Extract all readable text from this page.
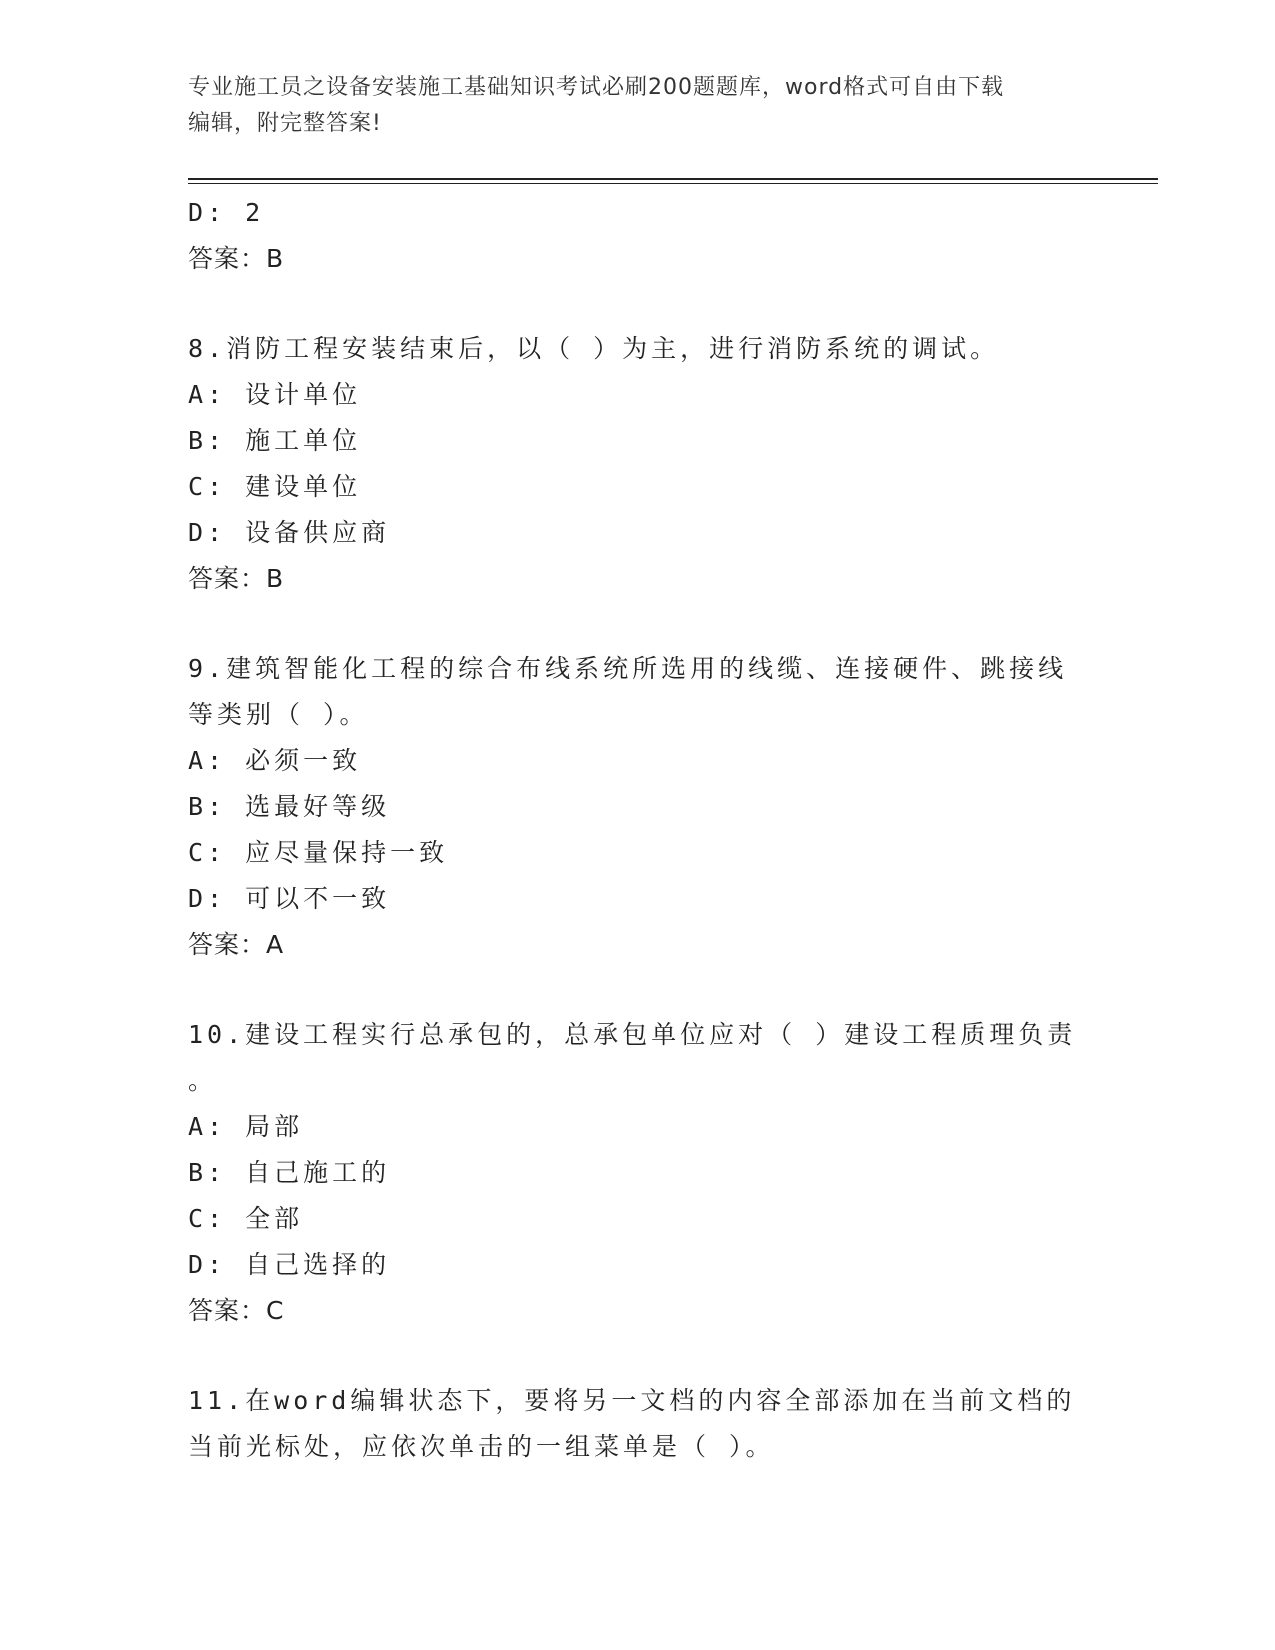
专业施工员之设备安装施工基础知识考试必刷200题题库，word格式可自由下载
编辑，附完整答案!
D: 2
答案：B
8.消防工程安装结束后，以（ ）为主，进行消防系统的调试。
A: 设计单位
B: 施工单位
C: 建设单位
D: 设备供应商
答案：B
9.建筑智能化工程的综合布线系统所选用的线缆、连接硬件、跳接线
等类别（ ）。
A: 必须一致
B: 选最好等级
C: 应尽量保持一致
D: 可以不一致
答案：A
10.建设工程实行总承包的，总承包单位应对（ ）建设工程质理负责
。
A: 局部
B: 自己施工的
C: 全部
D: 自己选择的
答案：C
11.在word编辑状态下，要将另一文档的内容全部添加在当前文档的
当前光标处，应依次单击的一组菜单是（ ）。
